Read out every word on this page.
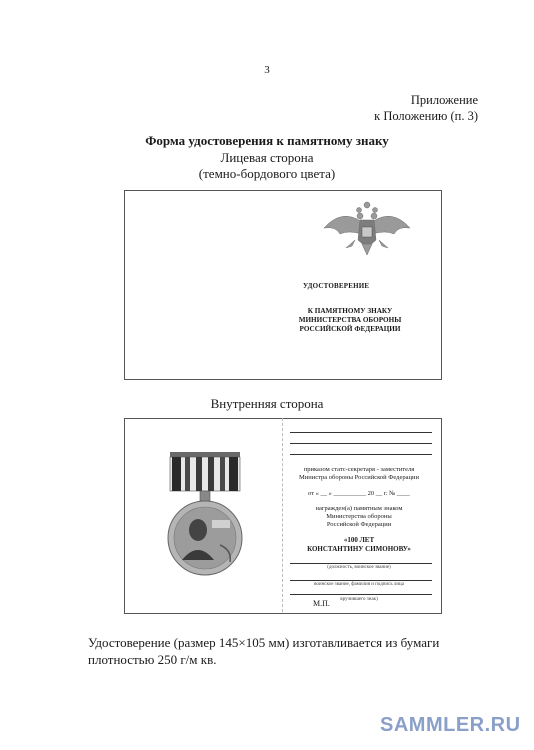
3
Приложение
к Положению (п. 3)
Форма удостоверения к памятному знаку
Лицевая сторона
(темно-бордового цвета)
УДОСТОВЕРЕНИЕ
К ПАМЯТНОМУ ЗНАКУ
МИНИСТЕРСТВА ОБОРОНЫ
РОССИЙСКОЙ ФЕДЕРАЦИИ
Внутренняя сторона
приказом статс-секретаря - заместителя
Министра обороны Российской Федерации
от « __ » __________ 20 __ г. № ____
награжден(а) памятным знаком
Министерства обороны
Российской Федерации
«100 ЛЕТ
КОНСТАНТИНУ СИМОНОВУ»
(должность, воинское звание)
воинское звание, фамилия и подпись лица
вручившего знак)
М.П.
Удостоверение (размер 145×105 мм) изготавливается из бумаги
плотностью 250 г/м кв.
SAMMLER.RU
